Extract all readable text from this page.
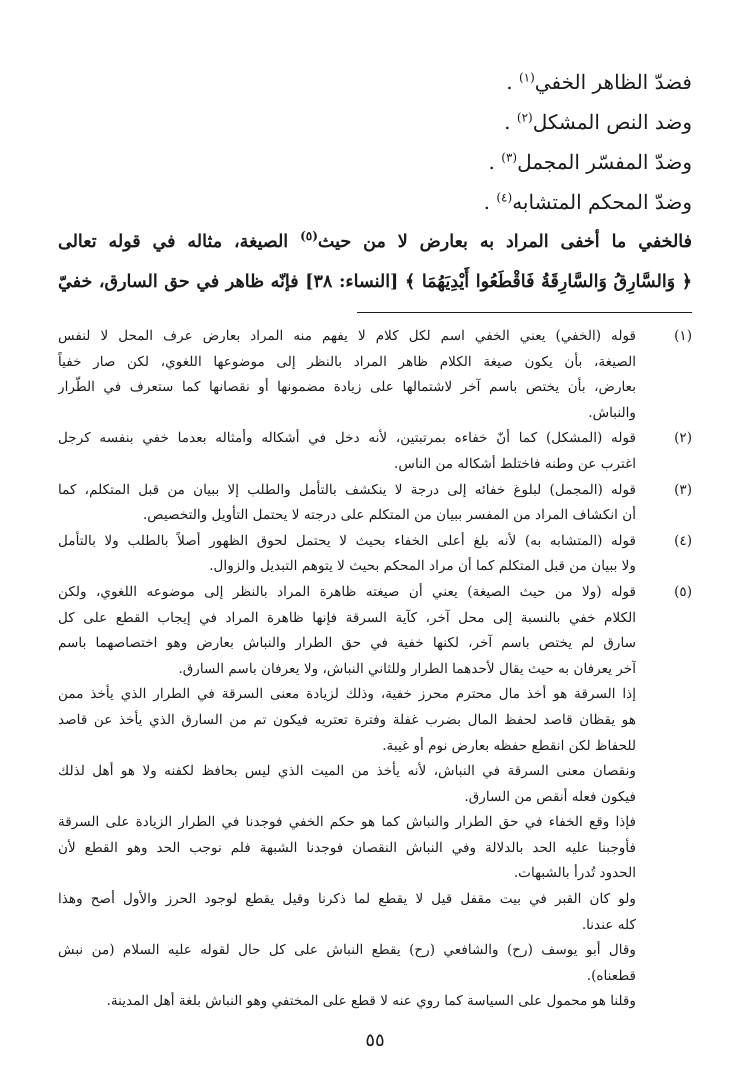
فضدّ الظاهر الخفي$^{(١)}$ .
وضد النص المشكل$^{(٢)}$ .
وضدّ المفسّر المجمل$^{(٣)}$ .
وضدّ المحكم المتشابه$^{(٤)}$ .
فالخفي ما أخفى المراد به بعارض لا من حيث$^{(٥)}$ الصيغة، مثاله في قوله تعالى
﴿ وَالسَّارِقُ وَالسَّارِقَةُ فَاقْطَعُوا أَيْدِيَهُمَا ﴾ [النساء: ٣٨] فإنّه ظاهر في حق السارق، خفيّ
(١)
قوله (الخفي) يعني الخفي اسم لكل كلام لا يفهم منه المراد بعارض عرف المحل لا لنفس
الصيغة، بأن يكون صيغة الكلام ظاهر المراد بالنظر إلى موضوعها اللغوي، لكن صار خفياً
بعارض، بأن يختص باسم آخر لاشتمالها على زيادة مضمونها أو نقصانها كما ستعرف في الطّرار
والنباش.
(٢)
قوله (المشكل) كما أنّ خفاءه بمرتبتين، لأنه دخل في أشكاله وأمثاله بعدما خفي بنفسه كرجل
اغترب عن وطنه فاختلط أشكاله من الناس.
(٣)
قوله (المجمل) لبلوغ خفائه إلى درجة لا ينكشف بالتأمل والطلب إلا ببيان من قبل المتكلم، كما
أن انكشاف المراد من المفسر ببيان من المتكلم على درجته لا يحتمل التأويل والتخصيص.
(٤)
قوله (المتشابه به) لأنه بلغ أعلى الخفاء بحيث لا يحتمل لحوق الظهور أصلاً بالطلب ولا بالتأمل
ولا ببيان من قبل المتكلم كما أن مراد المحكم بحيث لا يتوهم التبديل والزوال.
(٥)
قوله (ولا من حيث الصيغة) يعني أن صيغته ظاهرة المراد بالنظر إلى موضوعه اللغوي، ولكن
الكلام خفي بالنسبة إلى محل آخر، كآية السرقة فإنها ظاهرة المراد في إيجاب القطع على كل
سارق لم يختص باسم آخر، لكنها خفية في حق الطرار والنباش بعارض وهو اختصاصهما باسم
آخر يعرفان به حيث يقال لأحدهما الطرار وللثاني النباش، ولا يعرفان باسم السارق.
إذا السرقة هو أخذ مال محترم محرز خفية، وذلك لزيادة معنى السرقة في الطرار الذي يأخذ ممن
هو يقظان قاصد لحفظ المال بضرب غفلة وفترة تعتريه فيكون تم من السارق الذي يأخذ عن قاصد
للحفاظ لكن انقطع حفظه بعارض نوم أو غيبة.
ونقصان معنى السرقة في النباش، لأنه يأخذ من الميت الذي ليس بحافظ لكفنه ولا هو أهل لذلك
فيكون فعله أنقص من السارق.
فإذا وقع الخفاء في حق الطرار والنباش كما هو حكم الخفي فوجدنا في الطرار الزيادة على السرقة
فأوجبنا عليه الحد بالدلالة وفي النباش النقصان فوجدنا الشبهة فلم نوجب الحد وهو القطع لأن
الحدود تُدرأ بالشبهات.
ولو كان القبر في بيت مقفل قيل لا يقطع لما ذكرنا وقيل يقطع لوجود الحرز والأول أصح وهذا
كله عندنا.
وقال أبو يوسف (رح) والشافعي (رح) يقطع النباش على كل حال لقوله عليه السلام (من نبش
قطعناه).
وقلنا هو محمول على السياسة كما روي عنه لا قطع على المختفي وهو النباش بلغة أهل المدينة.
٥٥
